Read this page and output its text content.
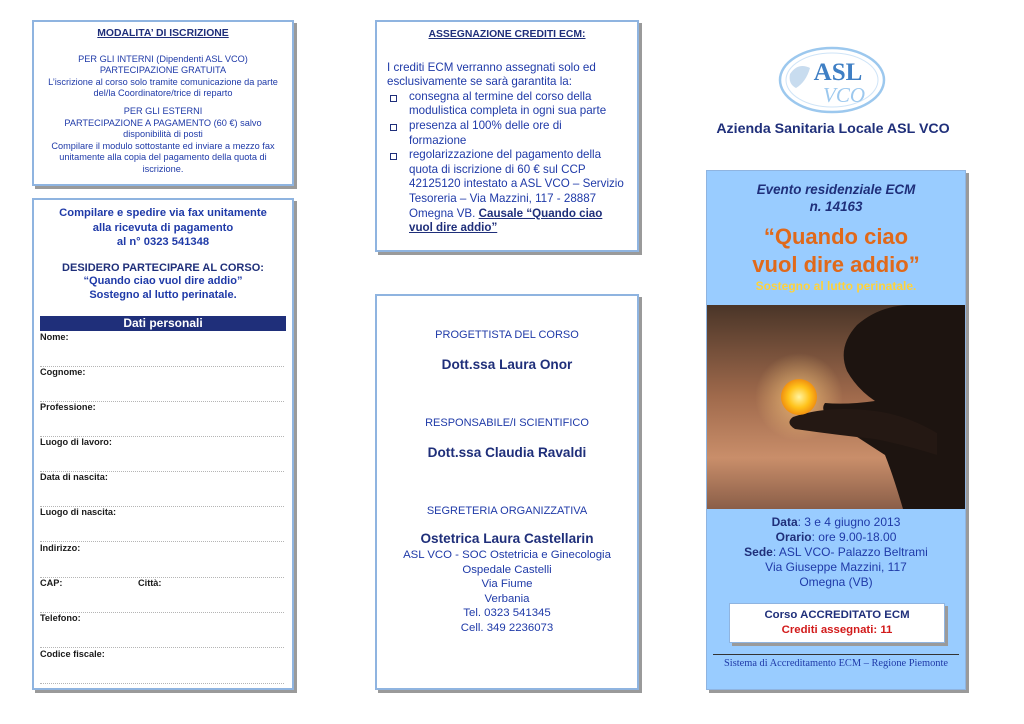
MODALITA’ DI ISCRIZIONE

PER GLI INTERNI (Dipendenti ASL VCO)

PARTECIPAZIONE GRATUITA

L’iscrizione al corso solo tramite comunicazione da parte

del/la Coordinatore/trice di reparto

PER GLI ESTERNI

PARTECIPAZIONE A PAGAMENTO (60 €) salvo

disponibilità di posti

Compilare il modulo sottostante ed inviare a mezzo fax

unitamente alla copia del pagamento della quota di

iscrizione.

Compilare e spedire via fax unitamente
alla ricevuta di pagamento
al n° 0323 541348
DESIDERO PARTECIPARE AL CORSO:
“Quando ciao vuol dire addio”
Sostegno al lutto perinatale.
Dati personali
Nome:
Cognome:
Professione:
Luogo di lavoro:
Data di nascita:
Luogo di nascita:
Indirizzo:
CAP:	Città:
Telefono:
Codice fiscale:
ASSEGNAZIONE CREDITI ECM:
I crediti ECM verranno assegnati solo ed
esclusivamente se sarà garantita la:
consegna al termine del corso della
modulistica completa in ogni sua parte
presenza al 100% delle ore di
formazione
regolarizzazione del pagamento della
quota di iscrizione di 60 € sul CCP
42125120 intestato a ASL VCO – Servizio
Tesoreria – Via Mazzini, 117 - 28887
Omegna VB. Causale “Quando ciao
vuol dire addio”
PROGETTISTA DEL CORSO
Dott.ssa Laura Onor
RESPONSABILE/I SCIENTIFICO
Dott.ssa Claudia Ravaldi
SEGRETERIA ORGANIZZATIVA
Ostetrica Laura Castellarin
ASL VCO - SOC Ostetricia e Ginecologia
Ospedale Castelli
Via Fiume
Verbania
Tel. 0323 541345
Cell. 349 2236073
ASL
VCO
Azienda Sanitaria Locale ASL VCO
Evento residenziale ECM
n. 14163
“Quando ciao
vuol dire addio”
Sostegno al lutto perinatale.
Data: 3 e 4 giugno 2013
Orario: ore 9.00-18.00
Sede: ASL VCO- Palazzo Beltrami
Via Giuseppe Mazzini, 117
Omegna (VB)
Corso ACCREDITATO ECM
Crediti assegnati: 11
Sistema di Accreditamento ECM – Regione Piemonte
